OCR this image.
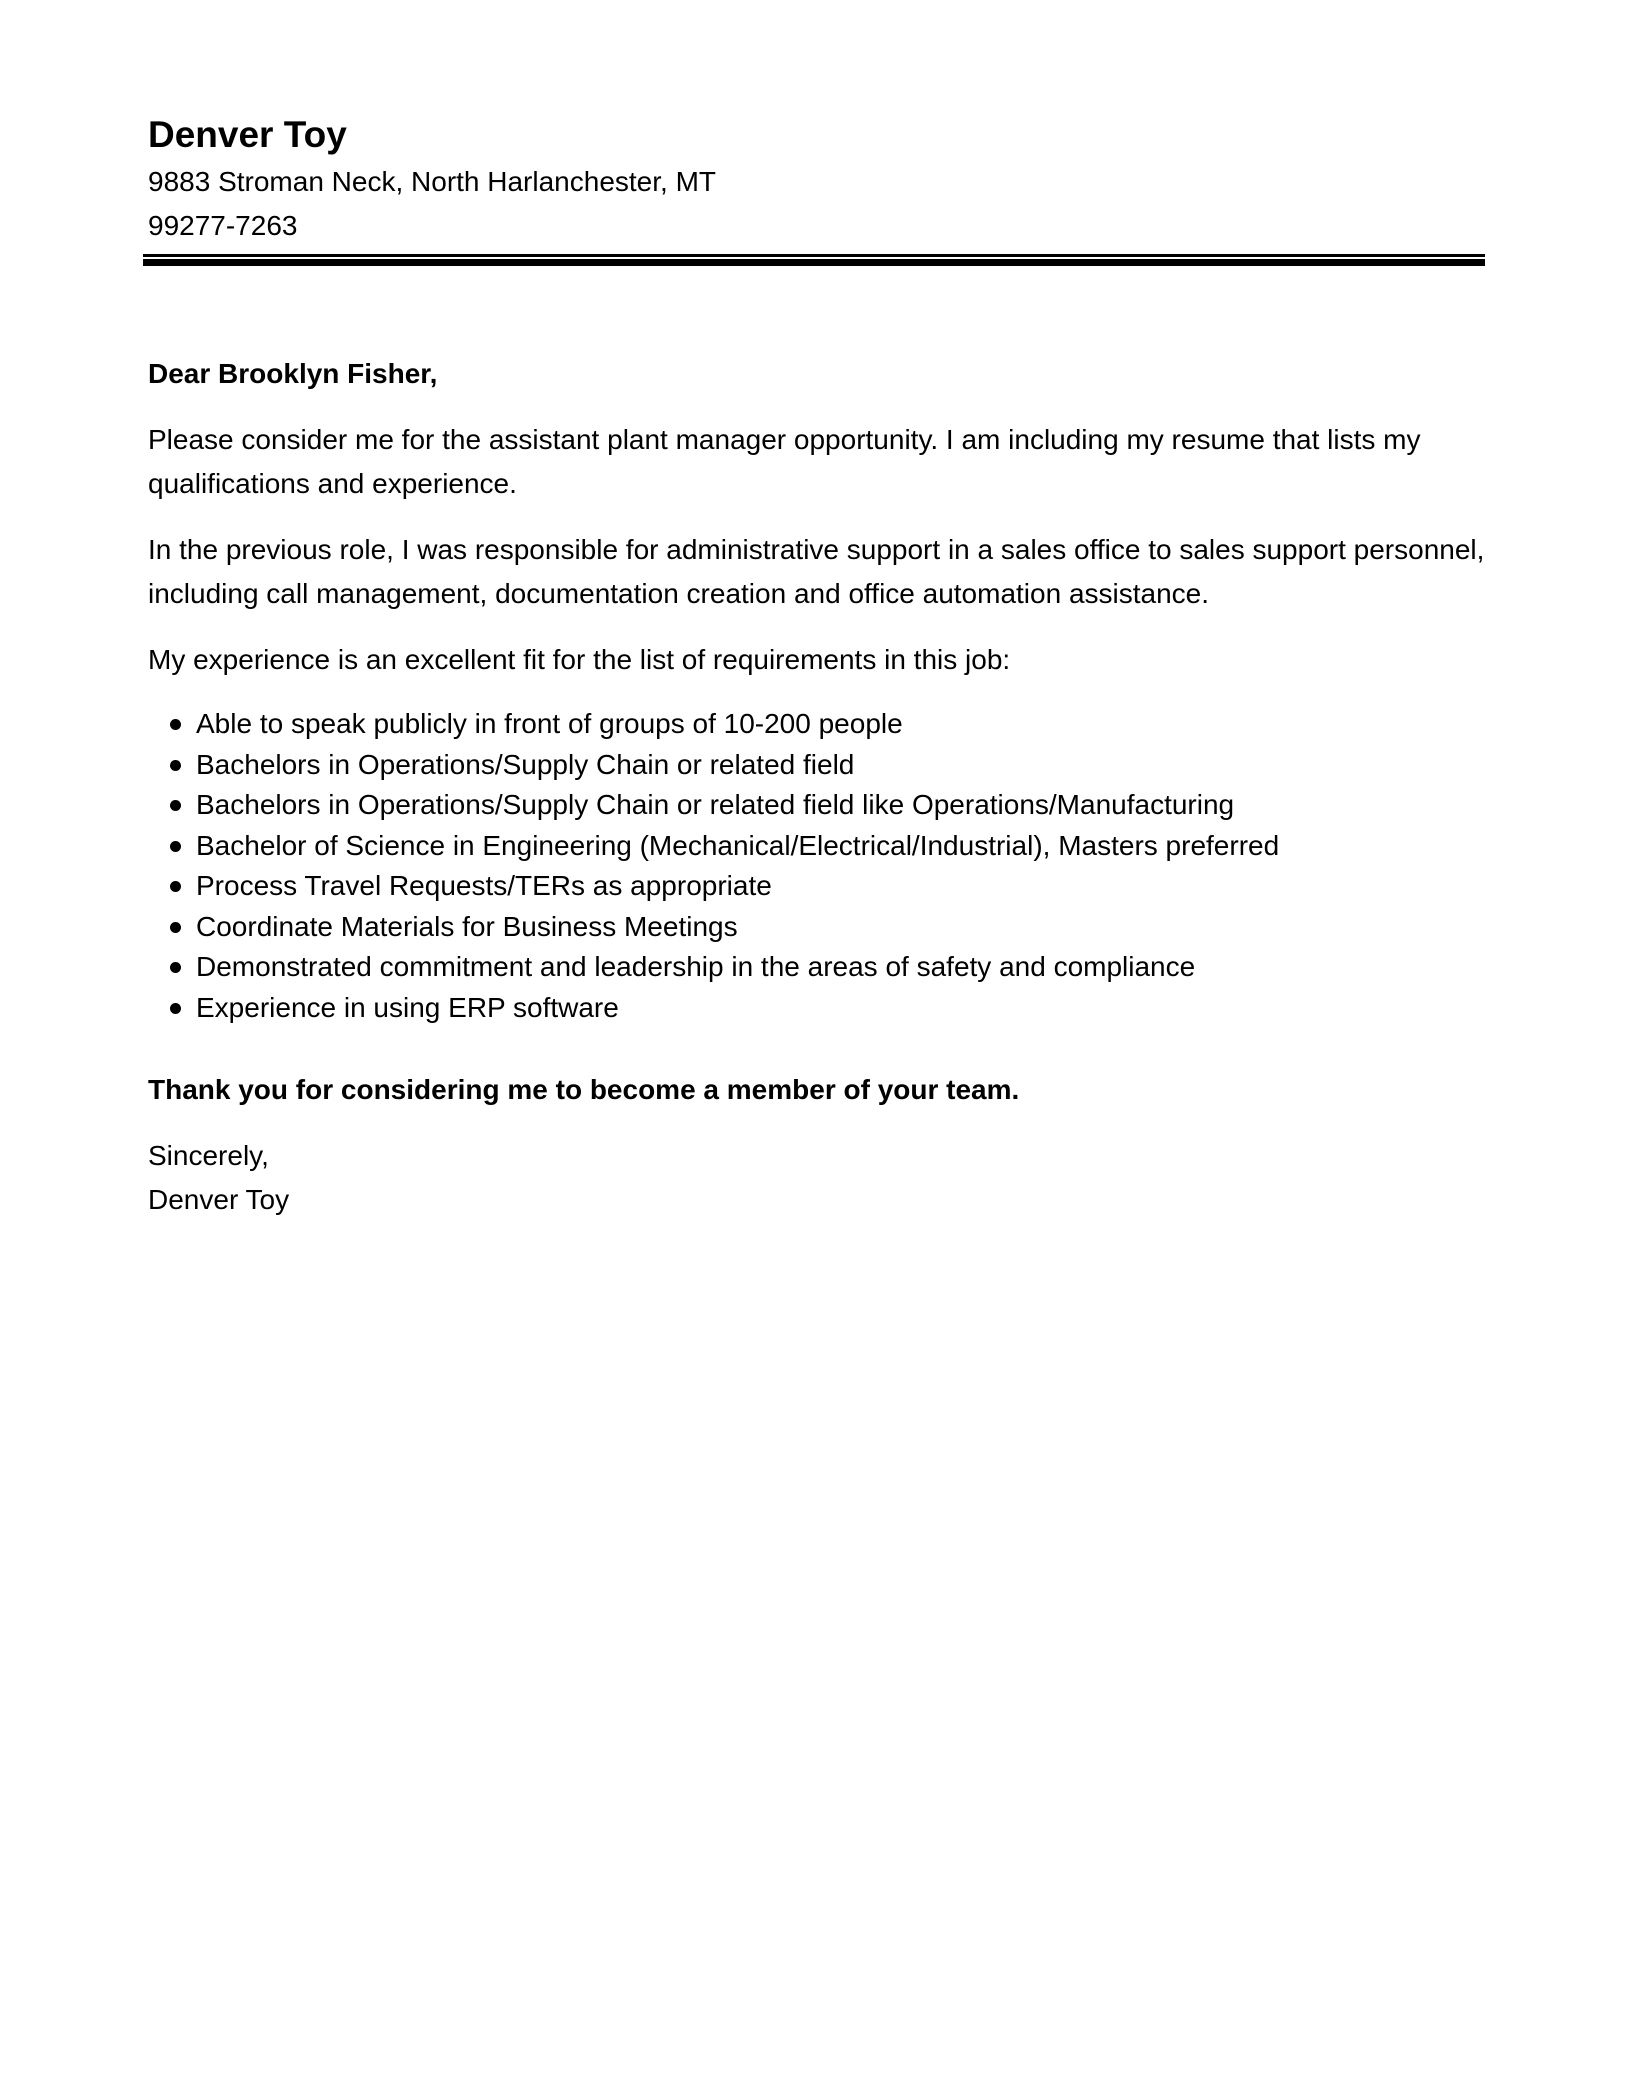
Denver Toy
9883 Stroman Neck, North Harlanchester, MT
99277-7263

Dear Brooklyn Fisher,

Please consider me for the assistant plant manager opportunity. I am including my resume that lists my qualifications and experience.

In the previous role, I was responsible for administrative support in a sales office to sales support personnel, including call management, documentation creation and office automation assistance.

My experience is an excellent fit for the list of requirements in this job:

Able to speak publicly in front of groups of 10-200 people
Bachelors in Operations/Supply Chain or related field
Bachelors in Operations/Supply Chain or related field like Operations/Manufacturing
Bachelor of Science in Engineering (Mechanical/Electrical/Industrial), Masters preferred
Process Travel Requests/TERs as appropriate
Coordinate Materials for Business Meetings
Demonstrated commitment and leadership in the areas of safety and compliance
Experience in using ERP software

Thank you for considering me to become a member of your team.

Sincerely,

Denver Toy
